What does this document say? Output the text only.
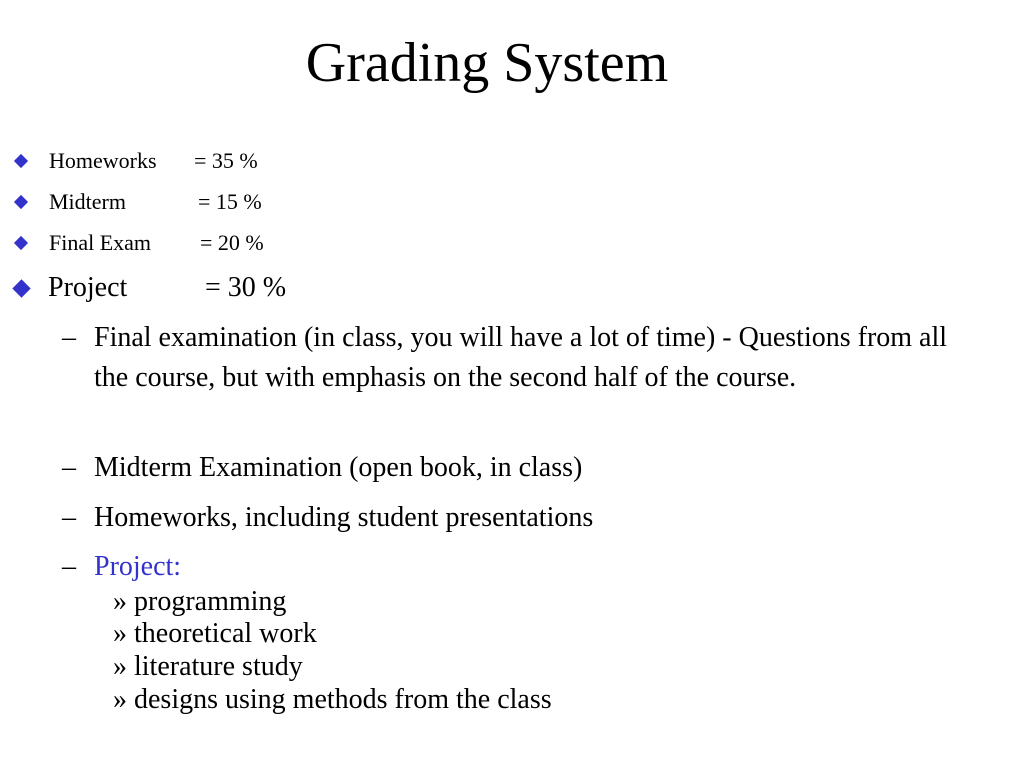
Grading System
Homeworks = 35 %
Midterm	= 15 %
Final Exam = 20 %
Project	= 30 %
– Final examination (in class, you will have a lot of time) - Questions from all the course, but with emphasis on the second half of the course.
– Midterm Examination (open book, in class)
– Homeworks, including student presentations
– Project:
» programming
» theoretical work
» literature study
» designs using methods from the class
